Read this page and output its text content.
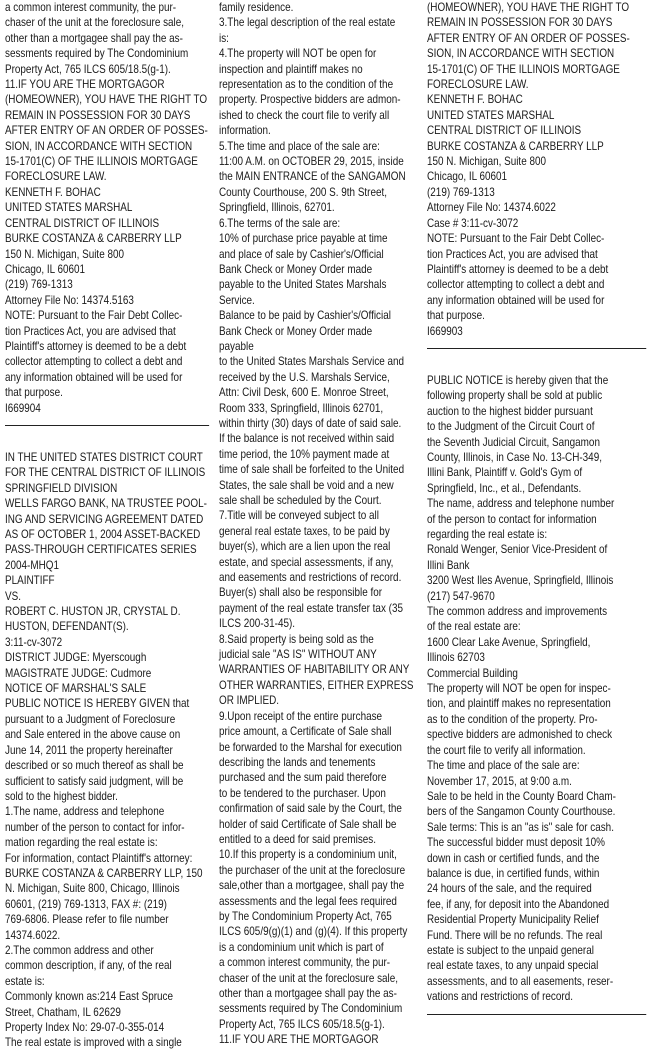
a common interest community, the pur-
chaser of the unit at the foreclosure sale,
other than a mortgagee shall pay the as-
sessments required by The Condominium
Property Act, 765 ILCS 605/18.5(g-1).
11.IF YOU ARE THE MORTGAGOR
(HOMEOWNER), YOU HAVE THE RIGHT TO
REMAIN IN POSSESSION FOR 30 DAYS
AFTER ENTRY OF AN ORDER OF POSSES-
SION, IN ACCORDANCE WITH SECTION
15-1701(C) OF THE ILLINOIS MORTGAGE
FORECLOSURE LAW.
KENNETH F. BOHAC
UNITED STATES MARSHAL
CENTRAL DISTRICT OF ILLINOIS
BURKE COSTANZA & CARBERRY LLP
150 N. Michigan, Suite 800
Chicago, IL 60601
(219) 769-1313
Attorney File No: 14374.5163
NOTE: Pursuant to the Fair Debt Collec-
tion Practices Act, you are advised that
Plaintiff's attorney is deemed to be a debt
collector attempting to collect a debt and
any information obtained will be used for
that purpose.
I669904
IN THE UNITED STATES DISTRICT COURT
FOR THE CENTRAL DISTRICT OF ILLINOIS
SPRINGFIELD DIVISION
WELLS FARGO BANK, NA TRUSTEE POOL-
ING AND SERVICING AGREEMENT DATED
AS OF OCTOBER 1, 2004 ASSET-BACKED
PASS-THROUGH CERTIFICATES SERIES
2004-MHQ1
PLAINTIFF
VS.
ROBERT C. HUSTON JR, CRYSTAL D.
HUSTON, DEFENDANT(S).
3:11-cv-3072
DISTRICT JUDGE: Myerscough
MAGISTRATE JUDGE: Cudmore
NOTICE OF MARSHAL'S SALE
PUBLIC NOTICE IS HEREBY GIVEN that
pursuant to a Judgment of Foreclosure
and Sale entered in the above cause on
June 14, 2011 the property hereinafter
described or so much thereof as shall be
sufficient to satisfy said judgment, will be
sold to the highest bidder.
1.The name, address and telephone
number of the person to contact for infor-
mation regarding the real estate is:
For information, contact Plaintiff's attorney:
BURKE COSTANZA & CARBERRY LLP, 150
N. Michigan, Suite 800, Chicago, Illinois
60601, (219) 769-1313, FAX #: (219)
769-6806. Please refer to file number
14374.6022.
2.The common address and other
common description, if any, of the real
estate is:
Commonly known as:214 East Spruce
Street, Chatham, IL 62629
Property Index No: 29-07-0-355-014
The real estate is improved with a single
family residence.
3.The legal description of the real estate
is:
4.The property will NOT be open for
inspection and plaintiff makes no
representation as to the condition of the
property. Prospective bidders are admon-
ished to check the court file to verify all
information.
5.The time and place of the sale are:
11:00 A.M. on OCTOBER 29, 2015, inside
the MAIN ENTRANCE of the SANGAMON
County Courthouse, 200 S. 9th Street,
Springfield, Illinois, 62701.
6.The terms of the sale are:
10% of purchase price payable at time
and place of sale by Cashier's/Official
Bank Check or Money Order made
payable to the United States Marshals
Service.
Balance to be paid by Cashier's/Official
Bank Check or Money Order made
payable
to the United States Marshals Service and
received by the U.S. Marshals Service,
Attn: Civil Desk, 600 E. Monroe Street,
Room 333, Springfield, Illinois 62701,
within thirty (30) days of date of said sale.
If the balance is not received within said
time period, the 10% payment made at
time of sale shall be forfeited to the United
States, the sale shall be void and a new
sale shall be scheduled by the Court.
7.Title will be conveyed subject to all
general real estate taxes, to be paid by
buyer(s), which are a lien upon the real
estate, and special assessments, if any,
and easements and restrictions of record.
Buyer(s) shall also be responsible for
payment of the real estate transfer tax (35
ILCS 200-31-45).
8.Said property is being sold as the
judicial sale "AS IS" WITHOUT ANY
WARRANTIES OF HABITABILITY OR ANY
OTHER WARRANTIES, EITHER EXPRESS
OR IMPLIED.
9.Upon receipt of the entire purchase
price amount, a Certificate of Sale shall
be forwarded to the Marshal for execution
describing the lands and tenements
purchased and the sum paid therefore
to be tendered to the purchaser. Upon
confirmation of said sale by the Court, the
holder of said Certificate of Sale shall be
entitled to a deed for said premises.
10.If this property is a condominium unit,
the purchaser of the unit at the foreclosure
sale,other than a mortgagee, shall pay the
assessments and the legal fees required
by The Condominium Property Act, 765
ILCS 605/9(g)(1) and (g)(4). If this property
is a condominium unit which is part of
a common interest community, the pur-
chaser of the unit at the foreclosure sale,
other than a mortgagee shall pay the as-
sessments required by The Condominium
Property Act, 765 ILCS 605/18.5(g-1).
11.IF YOU ARE THE MORTGAGOR
(HOMEOWNER), YOU HAVE THE RIGHT TO
REMAIN IN POSSESSION FOR 30 DAYS
AFTER ENTRY OF AN ORDER OF POSSES-
SION, IN ACCORDANCE WITH SECTION
15-1701(C) OF THE ILLINOIS MORTGAGE
FORECLOSURE LAW.
KENNETH F. BOHAC
UNITED STATES MARSHAL
CENTRAL DISTRICT OF ILLINOIS
BURKE COSTANZA & CARBERRY LLP
150 N. Michigan, Suite 800
Chicago, IL 60601
(219) 769-1313
Attorney File No: 14374.6022
Case # 3:11-cv-3072
NOTE: Pursuant to the Fair Debt Collec-
tion Practices Act, you are advised that
Plaintiff's attorney is deemed to be a debt
collector attempting to collect a debt and
any information obtained will be used for
that purpose.
I669903
PUBLIC NOTICE is hereby given that the
following property shall be sold at public
auction to the highest bidder pursuant
to the Judgment of the Circuit Court of
the Seventh Judicial Circuit, Sangamon
County, Illinois, in Case No. 13-CH-349,
Illini Bank, Plaintiff v. Gold's Gym of
Springfield, Inc., et al., Defendants.
The name, address and telephone number
of the person to contact for information
regarding the real estate is:
Ronald Wenger, Senior Vice-President of
Illini Bank
3200 West Iles Avenue, Springfield, Illinois
(217) 547-9670
The common address and improvements
of the real estate are:
1600 Clear Lake Avenue, Springfield,
Illinois 62703
Commercial Building
The property will NOT be open for inspec-
tion, and plaintiff makes no representation
as to the condition of the property. Pro-
spective bidders are admonished to check
the court file to verify all information.
The time and place of the sale are:
November 17, 2015, at 9:00 a.m.
Sale to be held in the County Board Cham-
bers of the Sangamon County Courthouse.
Sale terms: This is an "as is" sale for cash.
The successful bidder must deposit 10%
down in cash or certified funds, and the
balance is due, in certified funds, within
24 hours of the sale, and the required
fee, if any, for deposit into the Abandoned
Residential Property Municipality Relief
Fund. There will be no refunds. The real
estate is subject to the unpaid general
real estate taxes, to any unpaid special
assessments, and to all easements, reser-
vations and restrictions of record.
